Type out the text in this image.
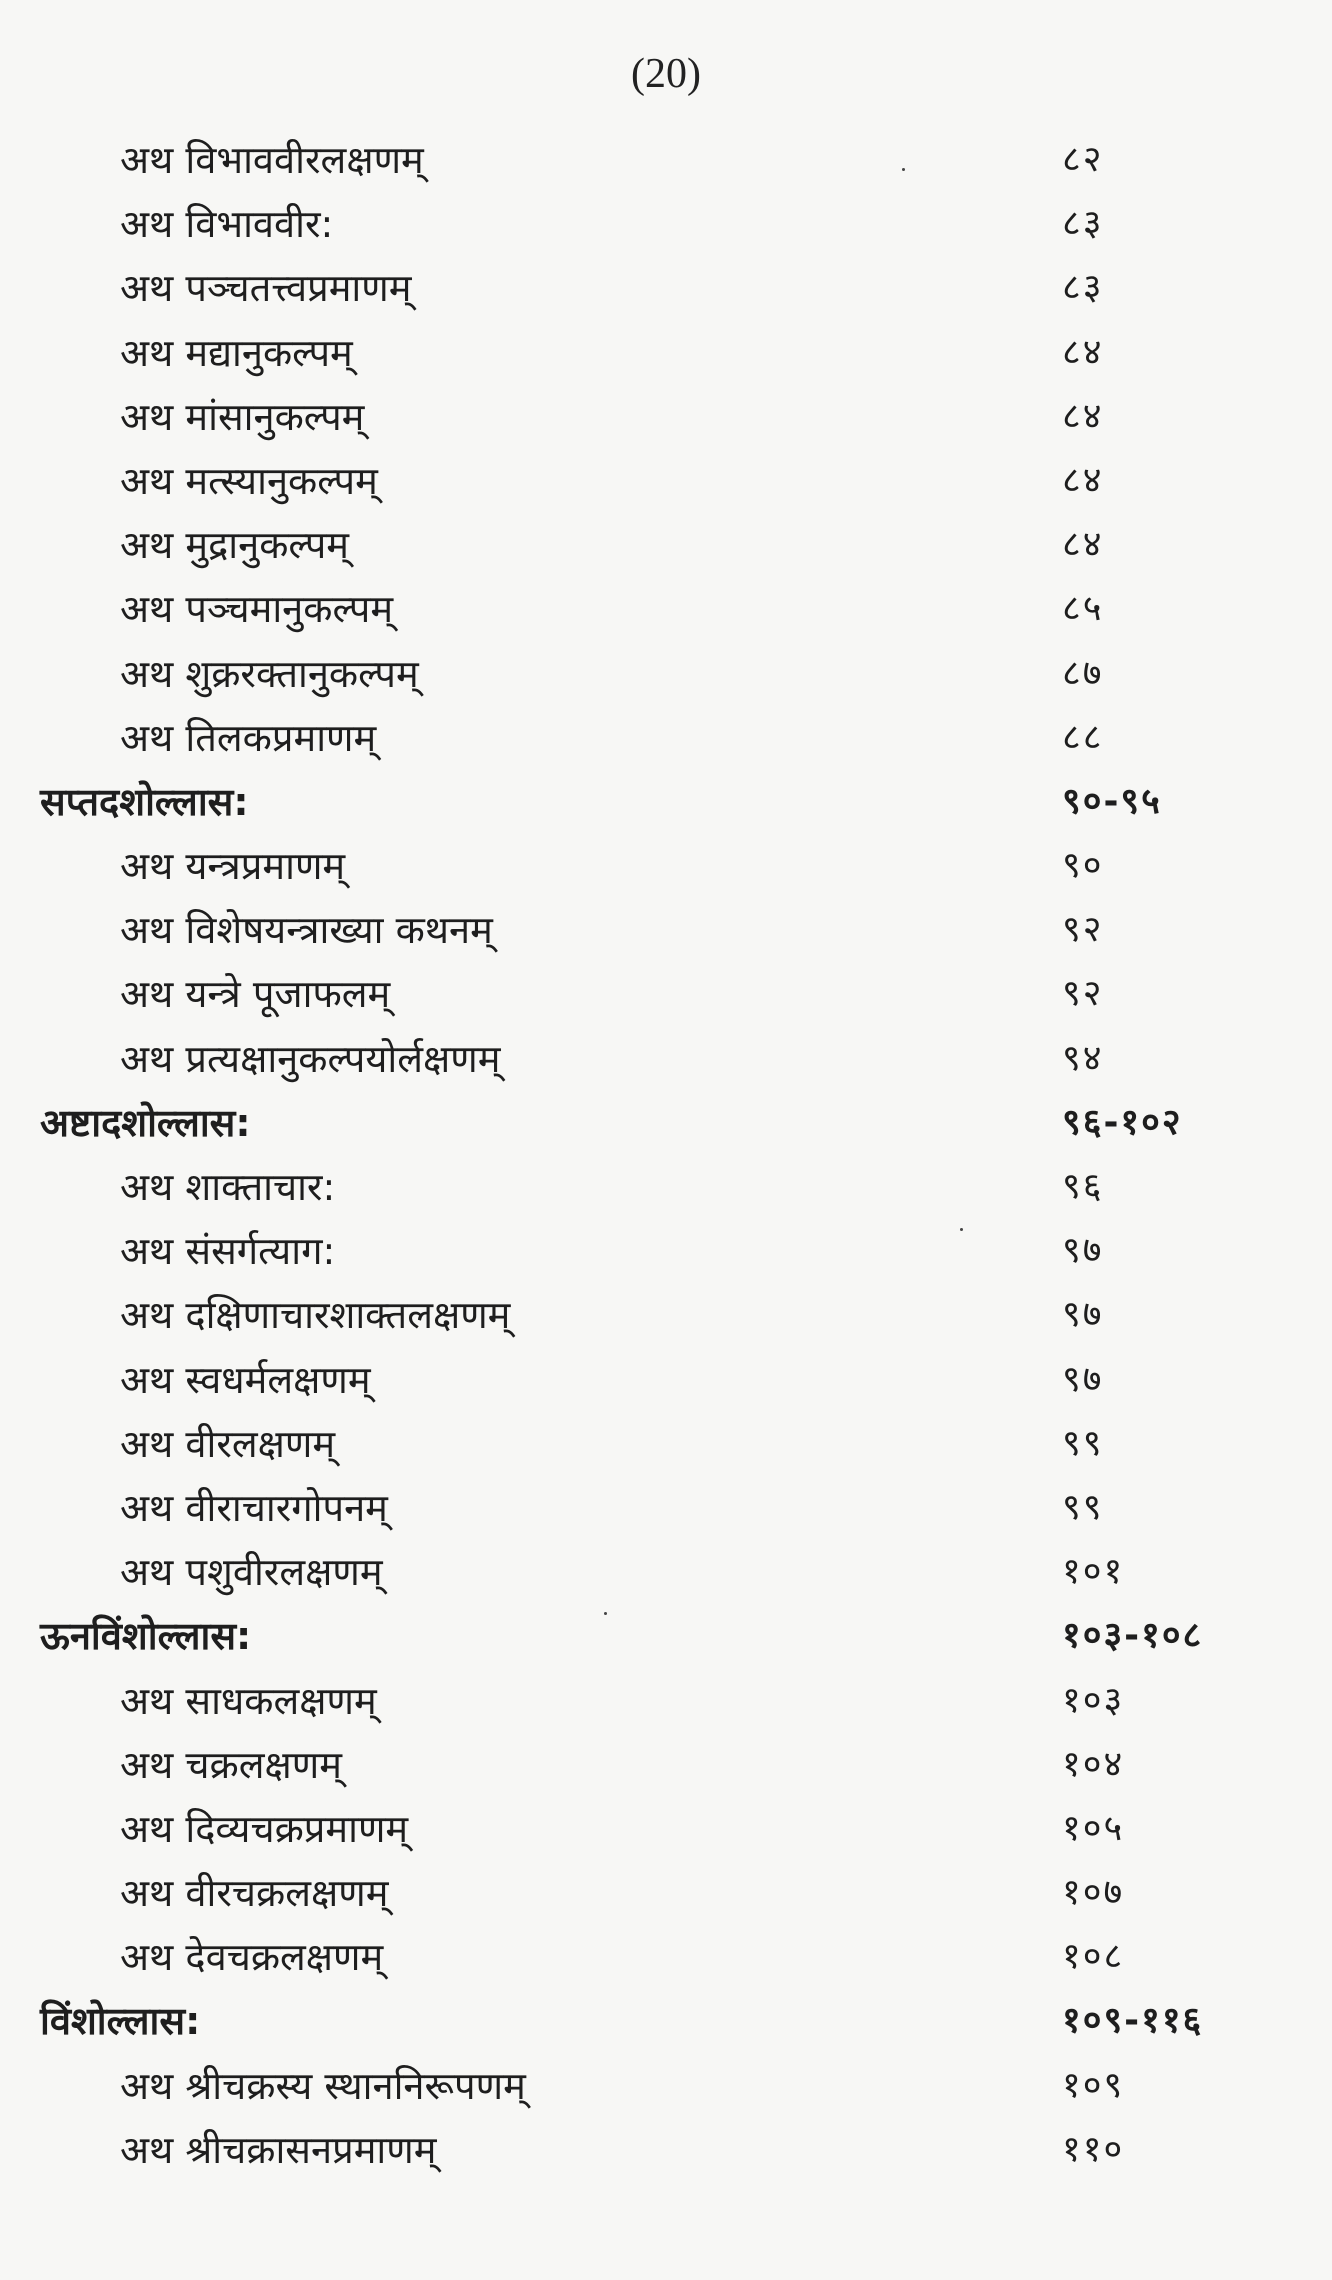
(20)
अथ विभाववीरलक्षणम्	८२
अथ विभाववीर:	८३
अथ पञ्चतत्त्वप्रमाणम्	८३
अथ मद्यानुकल्पम्	८४
अथ मांसानुकल्पम्	८४
अथ मत्स्यानुकल्पम्	८४
अथ मुद्रानुकल्पम्	८४
अथ पञ्चमानुकल्पम्	८५
अथ शुक्ररक्तानुकल्पम्	८७
अथ तिलकप्रमाणम्	८८
सप्तदशोल्लास:	९०-९५
अथ यन्त्रप्रमाणम्	९०
अथ विशेषयन्त्राख्या कथनम्	९२
अथ यन्त्रे पूजाफलम्	९२
अथ प्रत्यक्षानुकल्पयोर्लक्षणम्	९४
अष्टादशोल्लास:	९६-१०२
अथ शाक्ताचार:	९६
अथ संसर्गत्याग:	९७
अथ दक्षिणाचारशाक्तलक्षणम्	९७
अथ स्वधर्मलक्षणम्	९७
अथ वीरलक्षणम्	९९
अथ वीराचारगोपनम्	९९
अथ पशुवीरलक्षणम्	१०१
ऊनविंशोल्लास:	१०३-१०८
अथ साधकलक्षणम्	१०३
अथ चक्रलक्षणम्	१०४
अथ दिव्यचक्रप्रमाणम्	१०५
अथ वीरचक्रलक्षणम्	१०७
अथ देवचक्रलक्षणम्	१०८
विंशोल्लास:	१०९-११६
अथ श्रीचक्रस्य स्थाननिरूपणम्	१०९
अथ श्रीचक्रासनप्रमाणम्	११०
